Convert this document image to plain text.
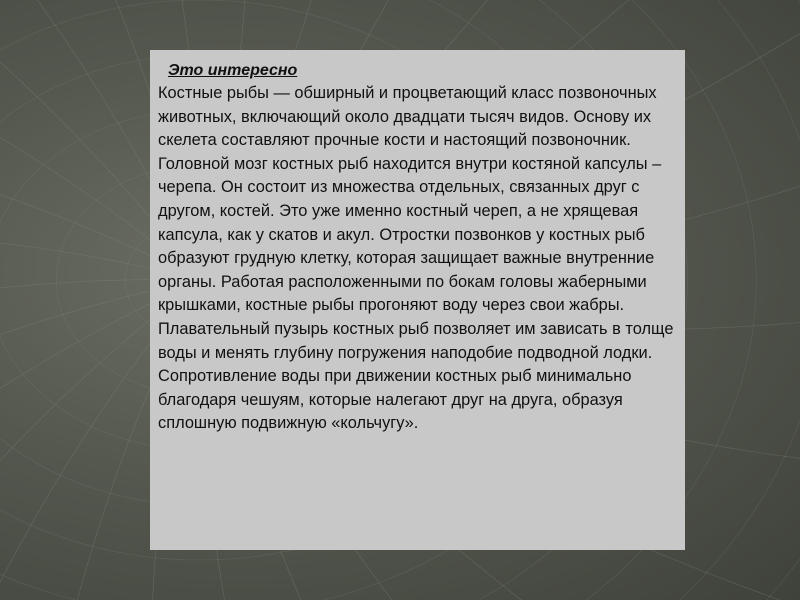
Это интересно

Костные рыбы — обширный и процветающий класс позвоночных животных, включающий около двадцати тысяч видов. Основу их скелета составляют прочные кости и настоящий позвоночник. Головной мозг костных рыб находится внутри костяной капсулы – черепа. Он состоит из множества отдельных, связанных друг с другом, костей. Это уже именно костный череп, а не хрящевая капсула, как у скатов и акул. Отростки позвонков у костных рыб образуют грудную клетку, которая защищает важные внутренние органы. Работая расположенными по бокам головы жаберными крышками, костные рыбы прогоняют воду через свои жабры. Плавательный пузырь костных рыб позволяет им зависать в толще воды и менять глубину погружения наподобие подводной лодки. Сопротивление воды при движении костных рыб минимально благодаря чешуям, которые налегают друг на друга, образуя сплошную подвижную «кольчугу».
